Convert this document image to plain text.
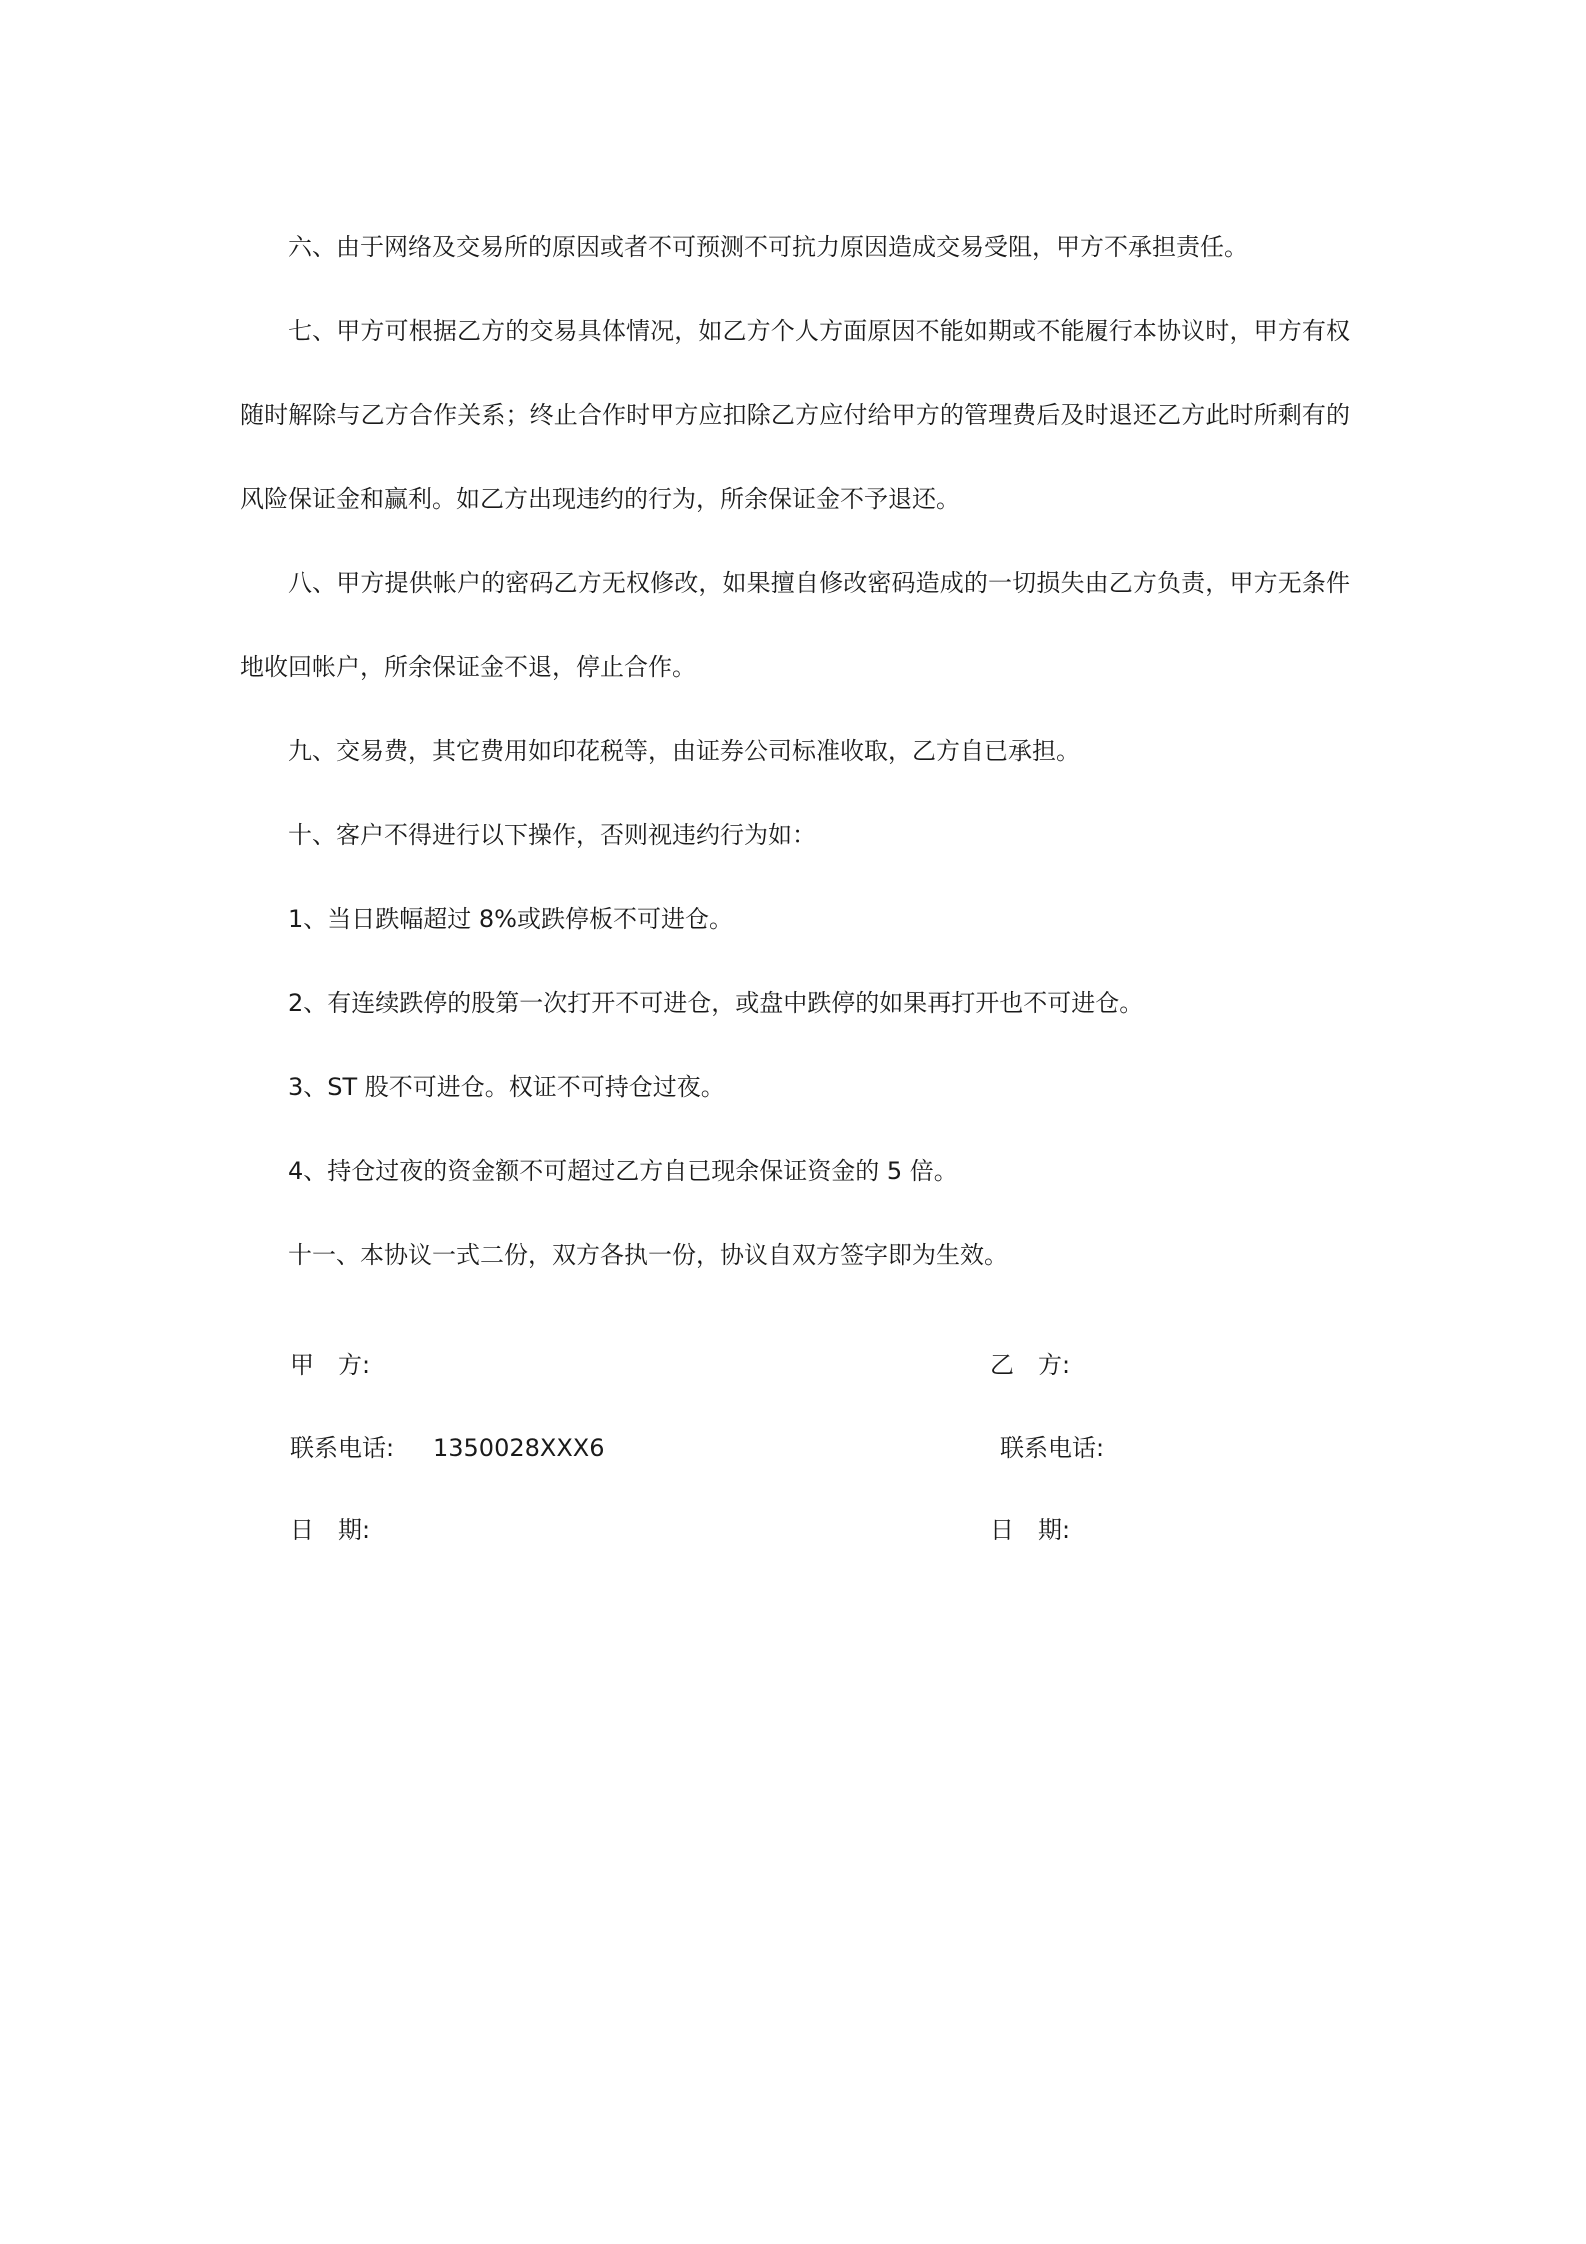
六、由于网络及交易所的原因或者不可预测不可抗力原因造成交易受阻，甲方不承担责任。

七、甲方可根据乙方的交易具体情况，如乙方个人方面原因不能如期或不能履行本协议时，甲方有权随时解除与乙方合作关系；终止合作时甲方应扣除乙方应付给甲方的管理费后及时退还乙方此时所剩有的风险保证金和赢利。如乙方出现违约的行为，所余保证金不予退还。

八、甲方提供帐户的密码乙方无权修改，如果擅自修改密码造成的一切损失由乙方负责，甲方无条件地收回帐户，所余保证金不退，停止合作。

九、交易费，其它费用如印花税等，由证券公司标准收取，乙方自已承担。

十、客户不得进行以下操作，否则视违约行为如：

1、当日跌幅超过 8%或跌停板不可进仓。

2、有连续跌停的股第一次打开不可进仓，或盘中跌停的如果再打开也不可进仓。

3、ST 股不可进仓。权证不可持仓过夜。

4、持仓过夜的资金额不可超过乙方自已现余保证资金的 5 倍。

十一、本协议一式二份，双方各执一份，协议自双方签字即为生效。

甲　方:	乙　方:
联系电话: 1350028XXX6	联系电话:
日　期:	日　期:
